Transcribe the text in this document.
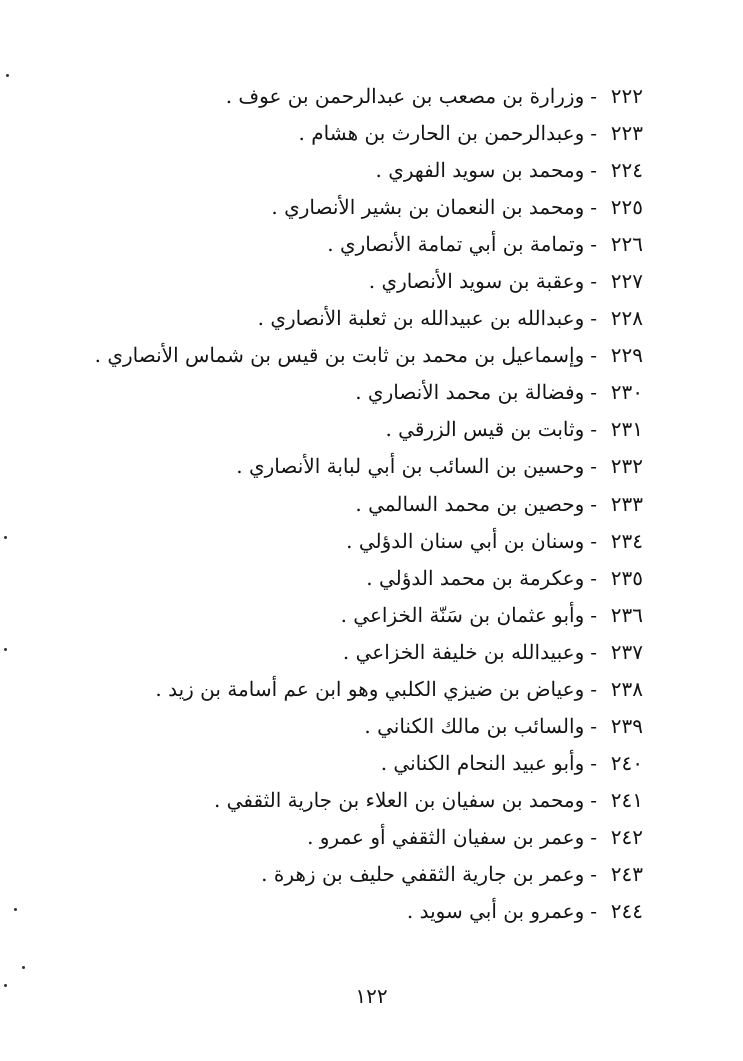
٢٢٢-وزرارة بن مصعب بن عبدالرحمن بن عوف .
٢٢٣-وعبدالرحمن بن الحارث بن هشام .
٢٢٤-ومحمد بن سويد الفهري .
٢٢٥-ومحمد بن النعمان بن بشير الأنصاري .
٢٢٦-وتمامة بن أبي تمامة الأنصاري .
٢٢٧-وعقبة بن سويد الأنصاري .
٢٢٨-وعبدالله بن عبيدالله بن ثعلبة الأنصاري .
٢٢٩-وإسماعيل بن محمد بن ثابت بن قيس بن شماس الأنصاري .
٢٣٠-وفضالة بن محمد الأنصاري .
٢٣١-وثابت بن قيس الزرقي .
٢٣٢-وحسين بن السائب بن أبي لبابة الأنصاري .
٢٣٣-وحصين بن محمد السالمي .
٢٣٤-وسنان بن أبي سنان الدؤلي .
٢٣٥-وعكرمة بن محمد الدؤلي .
٢٣٦-وأبو عثمان بن سَنّة الخزاعي .
٢٣٧-وعبيدالله بن خليفة الخزاعي .
٢٣٨-وعياض بن ضيزي الكلبي وهو ابن عم أسامة بن زيد .
٢٣٩-والسائب بن مالك الكناني .
٢٤٠-وأبو عبيد النحام الكناني .
٢٤١-ومحمد بن سفيان بن العلاء بن جارية الثقفي .
٢٤٢-وعمر بن سفيان الثقفي أو عمرو .
٢٤٣-وعمر بن جارية الثقفي حليف بن زهرة .
٢٤٤-وعمرو بن أبي سويد .
١٢٢
